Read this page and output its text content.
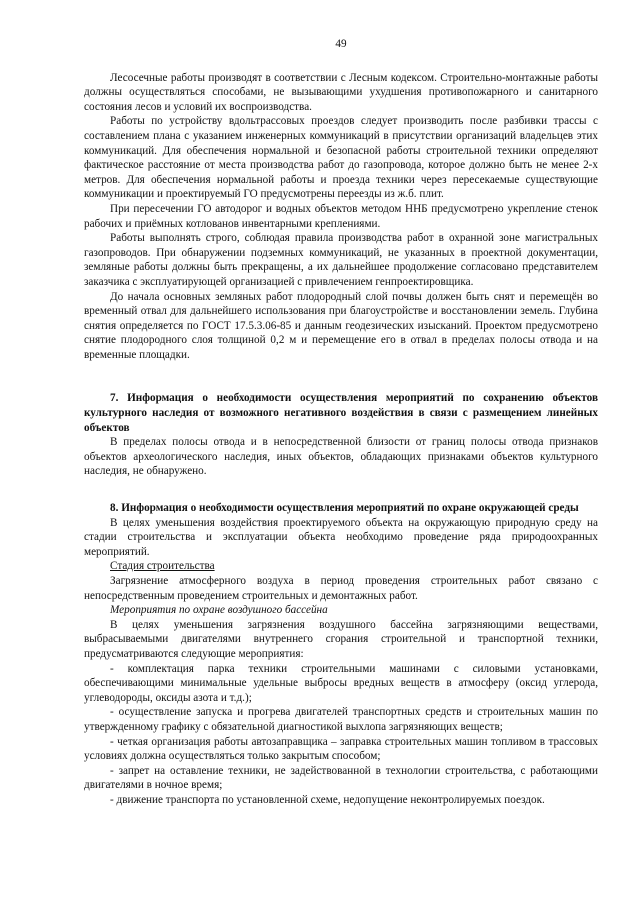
49

Лесосечные работы производят в соответствии с Лесным кодексом. Строительно-монтажные работы должны осуществляться способами, не вызывающими ухудшения противопожарного и санитарного состояния лесов и условий их воспроизводства.

Работы по устройству вдольтрассовых проездов следует производить после разбивки трассы с составлением плана с указанием инженерных коммуникаций в присутствии организаций владельцев этих коммуникаций. Для обеспечения нормальной и безопасной работы строительной техники определяют фактическое расстояние от места производства работ до газопровода, которое должно быть не менее 2-х метров. Для обеспечения нормальной работы и проезда техники через пересекаемые существующие коммуникации и проектируемый ГО предусмотрены переезды из ж.б. плит.

При пересечении ГО автодорог и водных объектов методом ННБ предусмотрено укрепление стенок рабочих и приёмных котлованов инвентарными креплениями.

Работы выполнять строго, соблюдая правила производства работ в охранной зоне магистральных газопроводов. При обнаружении подземных коммуникаций, не указанных в проектной документации, земляные работы должны быть прекращены, а их дальнейшее продолжение согласовано представителем заказчика с эксплуатирующей организацией с привлечением генпроектировщика.

До начала основных земляных работ плодородный слой почвы должен быть снят и перемещён во временный отвал для дальнейшего использования при благоустройстве и восстановлении земель. Глубина снятия определяется по ГОСТ 17.5.3.06-85 и данным геодезических изысканий. Проектом предусмотрено снятие плодородного слоя толщиной 0,2 м и перемещение его в отвал в пределах полосы отвода и на временные площадки.

7. Информация о необходимости осуществления мероприятий по сохранению объектов культурного наследия от возможного негативного воздействия в связи с размещением линейных объектов

В пределах полосы отвода и в непосредственной близости от границ полосы отвода признаков объектов археологического наследия, иных объектов, обладающих признаками объектов культурного наследия, не обнаружено.

8. Информация о необходимости осуществления мероприятий по охране окружающей среды

В целях уменьшения воздействия проектируемого объекта на окружающую природную среду на стадии строительства и эксплуатации объекта необходимо проведение ряда природоохранных мероприятий.

Стадия строительства

Загрязнение атмосферного воздуха в период проведения строительных работ связано с непосредственным проведением строительных и демонтажных работ.

Мероприятия по охране воздушного бассейна

В целях уменьшения загрязнения воздушного бассейна загрязняющими веществами, выбрасываемыми двигателями внутреннего сгорания строительной и транспортной техники, предусматриваются следующие мероприятия:

- комплектация парка техники строительными машинами с силовыми установками, обеспечивающими минимальные удельные выбросы вредных веществ в атмосферу (оксид углерода, углеводороды, оксиды азота и т.д.);

- осуществление запуска и прогрева двигателей транспортных средств и строительных машин по утвержденному графику с обязательной диагностикой выхлопа загрязняющих веществ;

- четкая организация работы автозаправщика – заправка строительных машин топливом в трассовых условиях должна осуществляться только закрытым способом;

- запрет на оставление техники, не задействованной в технологии строительства, с работающими двигателями в ночное время;

- движение транспорта по установленной схеме, недопущение неконтролируемых поездок.
